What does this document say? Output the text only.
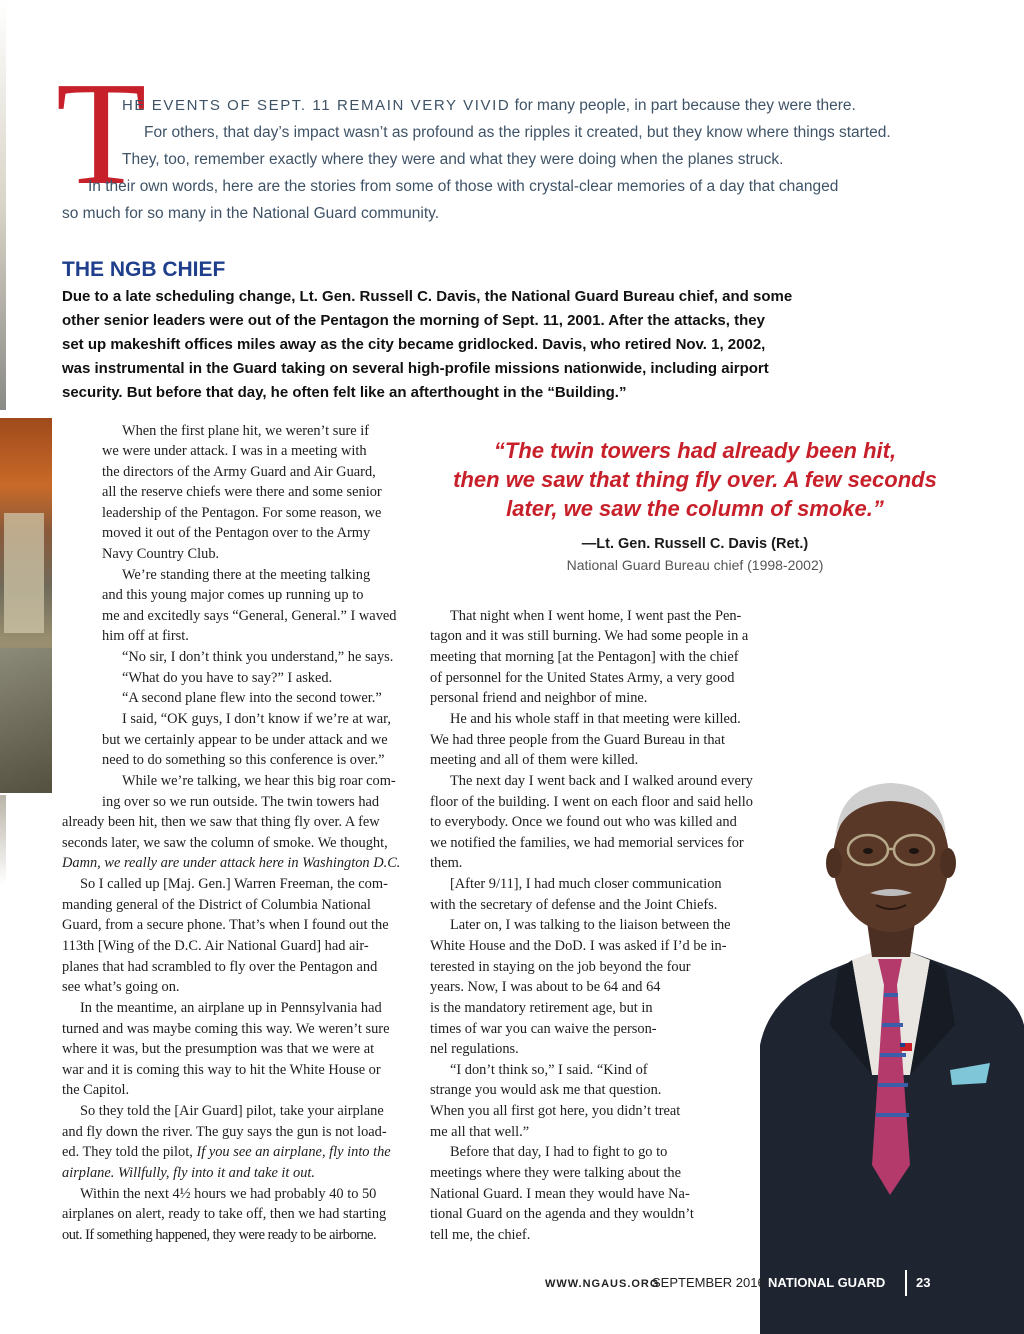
T
HE EVENTS OF SEPT. 11 REMAIN VERY VIVID for many people, in part because they were there.
For others, that day’s impact wasn’t as profound as the ripples it created, but they know where things started.
They, too, remember exactly where they were and what they were doing when the planes struck.
In their own words, here are the stories from some of those with crystal-clear memories of a day that changed
so much for so many in the National Guard community.
THE NGB CHIEF
Due to a late scheduling change, Lt. Gen. Russell C. Davis, the National Guard Bureau chief, and some
other senior leaders were out of the Pentagon the morning of Sept. 11, 2001. After the attacks, they
set up makeshift offices miles away as the city became gridlocked. Davis, who retired Nov. 1, 2002,
was instrumental in the Guard taking on several high-profile missions nationwide, including airport
security. But before that day, he often felt like an afterthought in the “Building.”
When the first plane hit, we weren’t sure if
we were under attack. I was in a meeting with
the directors of the Army Guard and Air Guard,
all the reserve chiefs were there and some senior
leadership of the Pentagon. For some reason, we
moved it out of the Pentagon over to the Army
Navy Country Club.
We’re standing there at the meeting talking
and this young major comes up running up to
me and excitedly says “General, General.” I waved
him off at first.
“No sir, I don’t think you understand,” he says.
“What do you have to say?” I asked.
“A second plane flew into the second tower.”
I said, “OK guys, I don’t know if we’re at war,
but we certainly appear to be under attack and we
need to do something so this conference is over.”
While we’re talking, we hear this big roar com-
ing over so we run outside. The twin towers had
already been hit, then we saw that thing fly over. A few
seconds later, we saw the column of smoke. We thought,
Damn, we really are under attack here in Washington D.C.
So I called up [Maj. Gen.] Warren Freeman, the com-
manding general of the District of Columbia National
Guard, from a secure phone. That’s when I found out the
113th [Wing of the D.C. Air National Guard] had air-
planes that had scrambled to fly over the Pentagon and
see what’s going on.
In the meantime, an airplane up in Pennsylvania had
turned and was maybe coming this way. We weren’t sure
where it was, but the presumption was that we were at
war and it is coming this way to hit the White House or
the Capitol.
So they told the [Air Guard] pilot, take your airplane
and fly down the river. The guy says the gun is not load-
ed. They told the pilot, If you see an airplane, fly into the
airplane. Willfully, fly into it and take it out.
Within the next 4½ hours we had probably 40 to 50
airplanes on alert, ready to take off, then we had starting
out. If something happened, they were ready to be airborne.
“The twin towers had already been hit,
then we saw that thing fly over. A few seconds
later, we saw the column of smoke.”
—Lt. Gen. Russell C. Davis (Ret.)
National Guard Bureau chief (1998-2002)
That night when I went home, I went past the Pen-
tagon and it was still burning. We had some people in a
meeting that morning [at the Pentagon] with the chief
of personnel for the United States Army, a very good
personal friend and neighbor of mine.
He and his whole staff in that meeting were killed.
We had three people from the Guard Bureau in that
meeting and all of them were killed.
The next day I went back and I walked around every
floor of the building. I went on each floor and said hello
to everybody. Once we found out who was killed and
we notified the families, we had memorial services for
them.
[After 9/11], I had much closer communication
with the secretary of defense and the Joint Chiefs.
Later on, I was talking to the liaison between the
White House and the DoD. I was asked if I’d be in-
terested in staying on the job beyond the four
years. Now, I was about to be 64 and 64
is the mandatory retirement age, but in
times of war you can waive the person-
nel regulations.
“I don’t think so,” I said. “Kind of
strange you would ask me that question.
When you all first got here, you didn’t treat
me all that well.”
Before that day, I had to fight to go to
meetings where they were talking about the
National Guard. I mean they would have Na-
tional Guard on the agenda and they wouldn’t
tell me, the chief.
WWW.NGAUS.ORG
SEPTEMBER 2016 NATIONAL GUARD 23
